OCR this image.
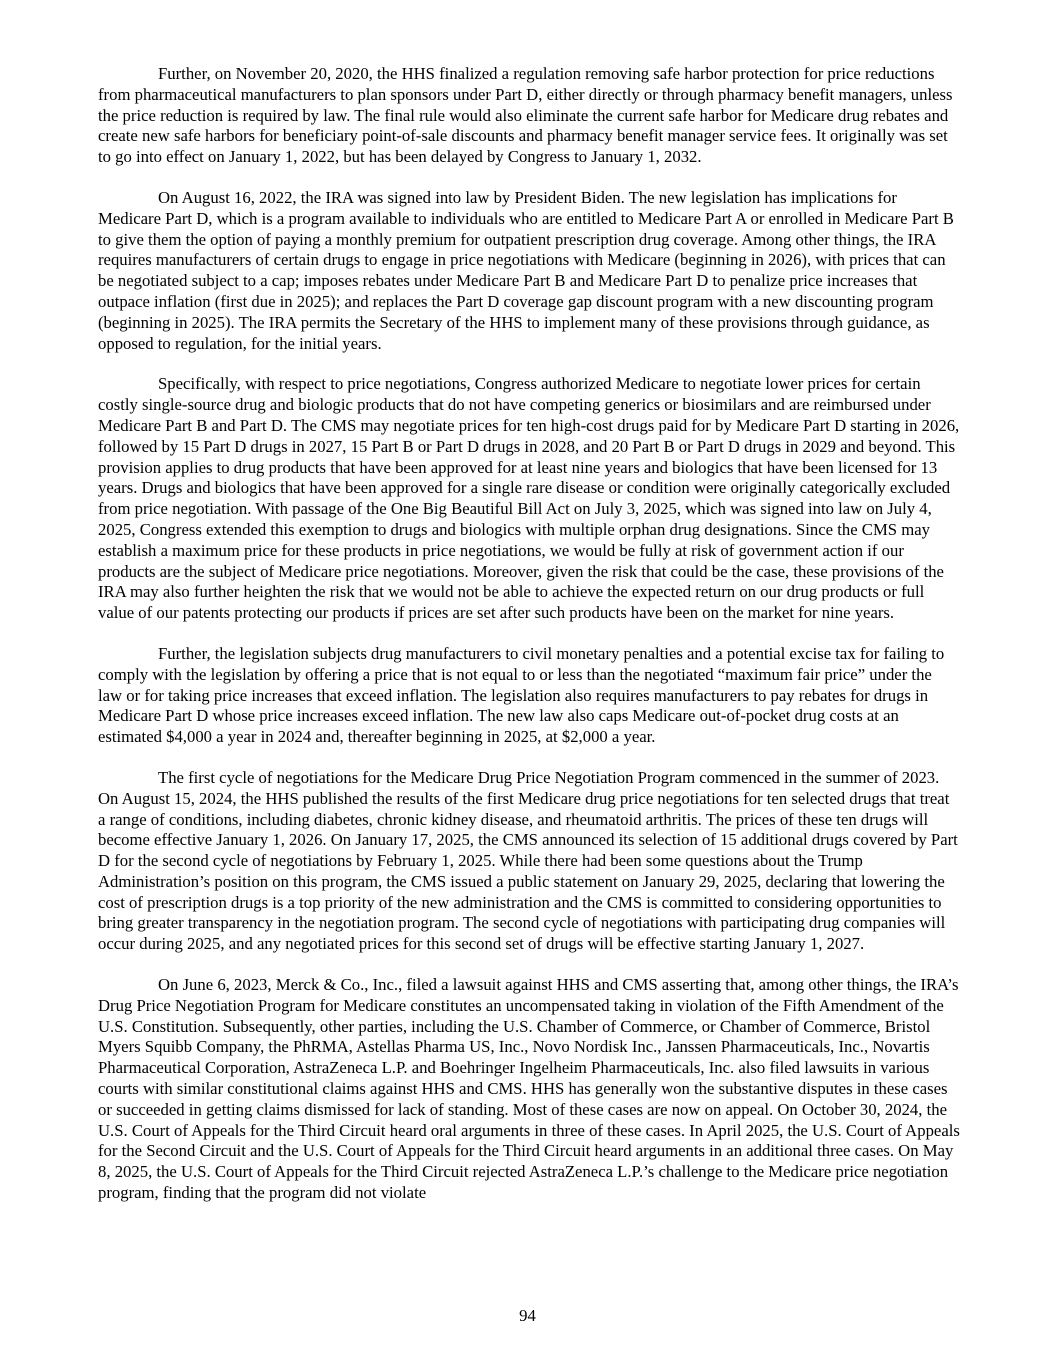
Further, on November 20, 2020, the HHS finalized a regulation removing safe harbor protection for price reductions from pharmaceutical manufacturers to plan sponsors under Part D, either directly or through pharmacy benefit managers, unless the price reduction is required by law. The final rule would also eliminate the current safe harbor for Medicare drug rebates and create new safe harbors for beneficiary point-of-sale discounts and pharmacy benefit manager service fees. It originally was set to go into effect on January 1, 2022, but has been delayed by Congress to January 1, 2032.

On August 16, 2022, the IRA was signed into law by President Biden. The new legislation has implications for Medicare Part D, which is a program available to individuals who are entitled to Medicare Part A or enrolled in Medicare Part B to give them the option of paying a monthly premium for outpatient prescription drug coverage. Among other things, the IRA requires manufacturers of certain drugs to engage in price negotiations with Medicare (beginning in 2026), with prices that can be negotiated subject to a cap; imposes rebates under Medicare Part B and Medicare Part D to penalize price increases that outpace inflation (first due in 2025); and replaces the Part D coverage gap discount program with a new discounting program (beginning in 2025). The IRA permits the Secretary of the HHS to implement many of these provisions through guidance, as opposed to regulation, for the initial years.

Specifically, with respect to price negotiations, Congress authorized Medicare to negotiate lower prices for certain costly single-source drug and biologic products that do not have competing generics or biosimilars and are reimbursed under Medicare Part B and Part D. The CMS may negotiate prices for ten high-cost drugs paid for by Medicare Part D starting in 2026, followed by 15 Part D drugs in 2027, 15 Part B or Part D drugs in 2028, and 20 Part B or Part D drugs in 2029 and beyond. This provision applies to drug products that have been approved for at least nine years and biologics that have been licensed for 13 years. Drugs and biologics that have been approved for a single rare disease or condition were originally categorically excluded from price negotiation. With passage of the One Big Beautiful Bill Act on July 3, 2025, which was signed into law on July 4, 2025, Congress extended this exemption to drugs and biologics with multiple orphan drug designations. Since the CMS may establish a maximum price for these products in price negotiations, we would be fully at risk of government action if our products are the subject of Medicare price negotiations. Moreover, given the risk that could be the case, these provisions of the IRA may also further heighten the risk that we would not be able to achieve the expected return on our drug products or full value of our patents protecting our products if prices are set after such products have been on the market for nine years.

Further, the legislation subjects drug manufacturers to civil monetary penalties and a potential excise tax for failing to comply with the legislation by offering a price that is not equal to or less than the negotiated “maximum fair price” under the law or for taking price increases that exceed inflation. The legislation also requires manufacturers to pay rebates for drugs in Medicare Part D whose price increases exceed inflation. The new law also caps Medicare out-of-pocket drug costs at an estimated $4,000 a year in 2024 and, thereafter beginning in 2025, at $2,000 a year.

The first cycle of negotiations for the Medicare Drug Price Negotiation Program commenced in the summer of 2023. On August 15, 2024, the HHS published the results of the first Medicare drug price negotiations for ten selected drugs that treat a range of conditions, including diabetes, chronic kidney disease, and rheumatoid arthritis. The prices of these ten drugs will become effective January 1, 2026. On January 17, 2025, the CMS announced its selection of 15 additional drugs covered by Part D for the second cycle of negotiations by February 1, 2025. While there had been some questions about the Trump Administration’s position on this program, the CMS issued a public statement on January 29, 2025, declaring that lowering the cost of prescription drugs is a top priority of the new administration and the CMS is committed to considering opportunities to bring greater transparency in the negotiation program. The second cycle of negotiations with participating drug companies will occur during 2025, and any negotiated prices for this second set of drugs will be effective starting January 1, 2027.

On June 6, 2023, Merck & Co., Inc., filed a lawsuit against HHS and CMS asserting that, among other things, the IRA’s Drug Price Negotiation Program for Medicare constitutes an uncompensated taking in violation of the Fifth Amendment of the U.S. Constitution. Subsequently, other parties, including the U.S. Chamber of Commerce, or Chamber of Commerce, Bristol Myers Squibb Company, the PhRMA, Astellas Pharma US, Inc., Novo Nordisk Inc., Janssen Pharmaceuticals, Inc., Novartis Pharmaceutical Corporation, AstraZeneca L.P. and Boehringer Ingelheim Pharmaceuticals, Inc. also filed lawsuits in various courts with similar constitutional claims against HHS and CMS. HHS has generally won the substantive disputes in these cases or succeeded in getting claims dismissed for lack of standing. Most of these cases are now on appeal. On October 30, 2024, the U.S. Court of Appeals for the Third Circuit heard oral arguments in three of these cases. In April 2025, the U.S. Court of Appeals for the Second Circuit and the U.S. Court of Appeals for the Third Circuit heard arguments in an additional three cases. On May 8, 2025, the U.S. Court of Appeals for the Third Circuit rejected AstraZeneca L.P.’s challenge to the Medicare price negotiation program, finding that the program did not violate

94
